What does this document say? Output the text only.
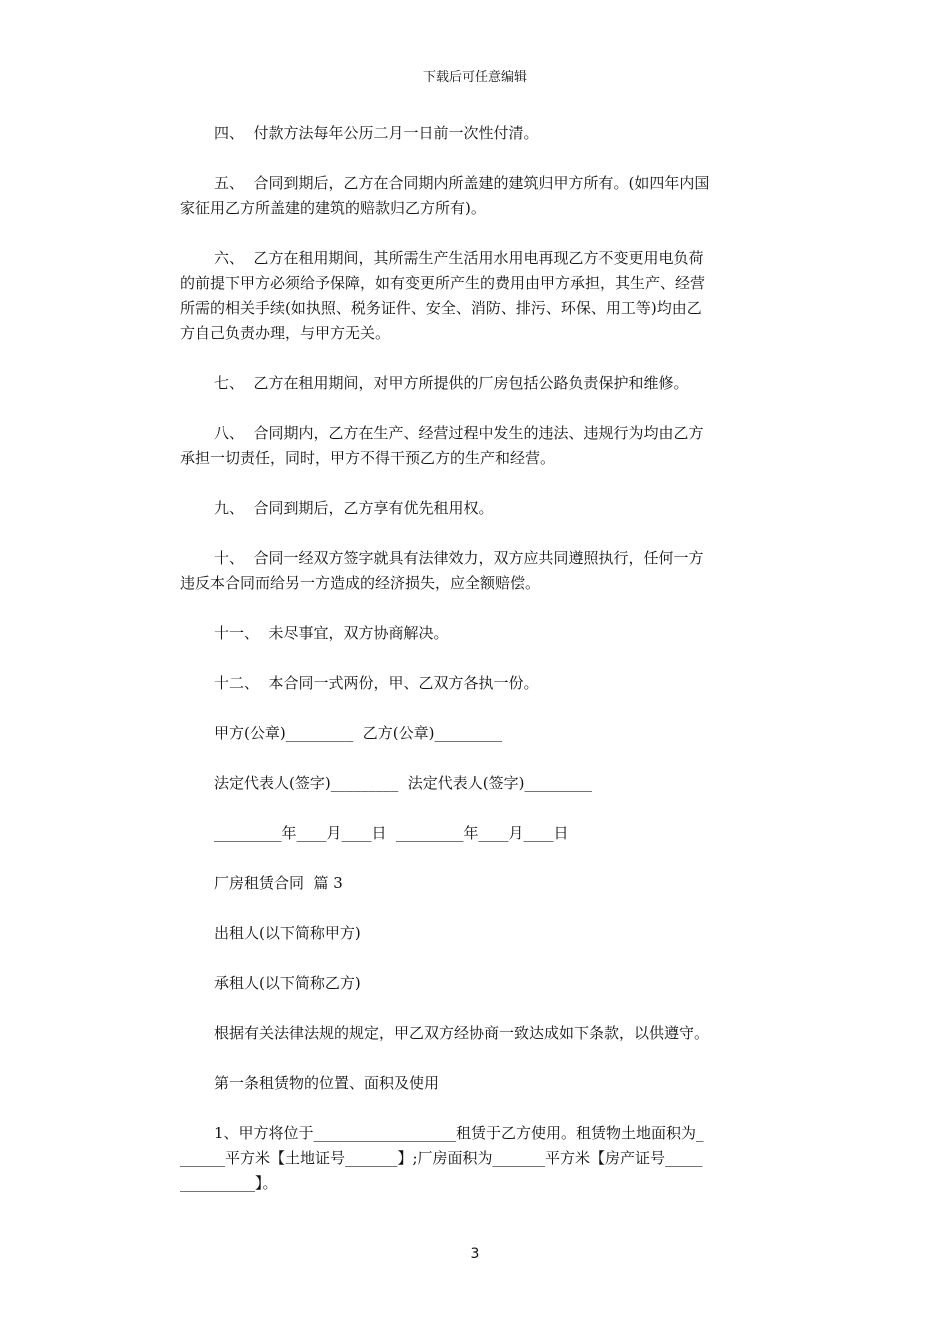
下载后可任意编辑
四、  付款方法每年公历二月一日前一次性付清。
五、  合同到期后，乙方在合同期内所盖建的建筑归甲方所有。(如四年内国
家征用乙方所盖建的建筑的赔款归乙方所有)。
六、  乙方在租用期间，其所需生产生活用水用电再现乙方不变更用电负荷
的前提下甲方必须给予保障，如有变更所产生的费用由甲方承担，其生产、经营
所需的相关手续(如执照、税务证件、安全、消防、排污、环保、用工等)均由乙
方自己负责办理，与甲方无关。
七、  乙方在租用期间，对甲方所提供的厂房包括公路负责保护和维修。
八、  合同期内，乙方在生产、经营过程中发生的违法、违规行为均由乙方
承担一切责任，同时，甲方不得干预乙方的生产和经营。
九、  合同到期后，乙方享有优先租用权。
十、  合同一经双方签字就具有法律效力，双方应共同遵照执行，任何一方
违反本合同而给另一方造成的经济损失，应全额赔偿。
十一、  未尽事宜，双方协商解决。
十二、  本合同一式两份，甲、乙双方各执一份。
甲方(公章)_________  乙方(公章)_________
法定代表人(签字)_________  法定代表人(签字)_________
_________年____月____日  _________年____月____日
厂房租赁合同  篇 3
出租人(以下简称甲方)
承租人(以下简称乙方)
根据有关法律法规的规定，甲乙双方经协商一致达成如下条款，以供遵守。
第一条租赁物的位置、面积及使用
1、甲方将位于___________________租赁于乙方使用。租赁物土地面积为_
______平方米【土地证号_______】;厂房面积为_______平方米【房产证号_____
__________】。
3
